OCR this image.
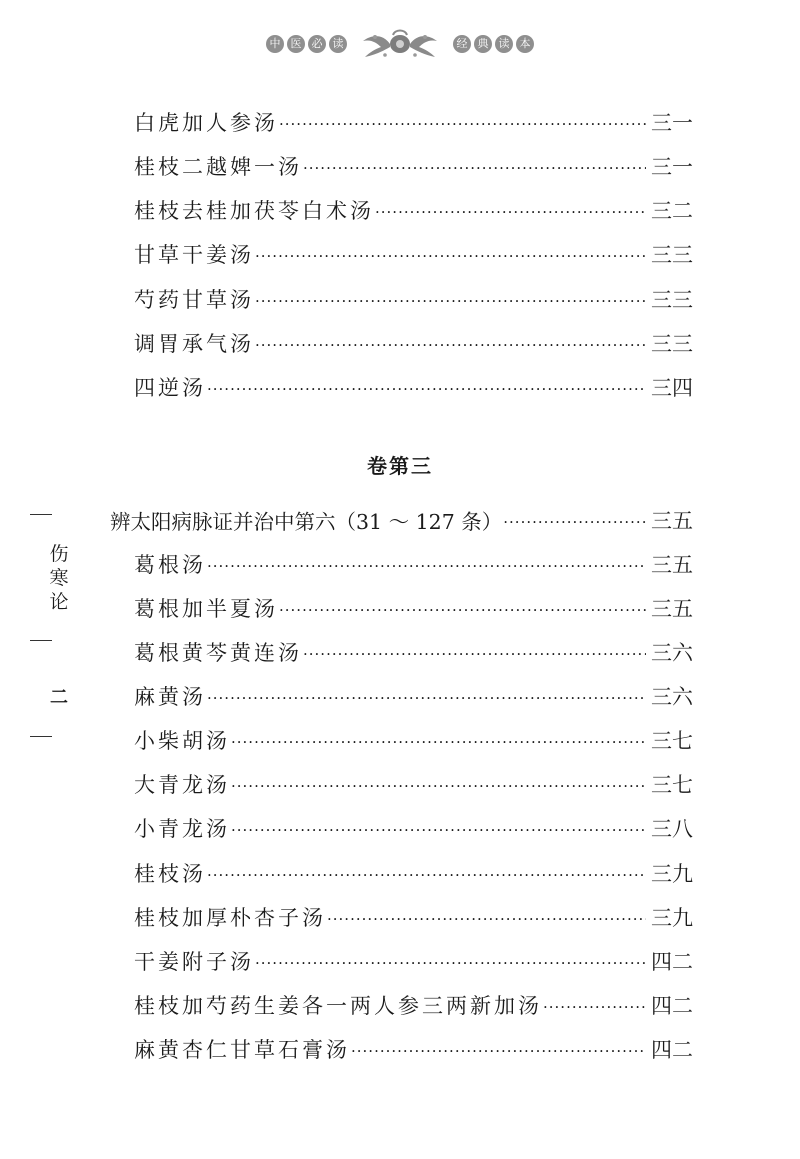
中 医 必 读	经 典 读 本
白虎加人参汤 ·····	三一
桂枝二越婢一汤 ·····	三一
桂枝去桂加茯苓白术汤 ·····	三二
甘草干姜汤 ·····	三三
芍药甘草汤 ·····	三三
调胃承气汤 ·····	三三
四逆汤 ·····	三四
卷第三
辨太阳病脉证并治中第六（31 ～ 127 条） ·····	三五
葛根汤 ·····	三五
葛根加半夏汤 ·····	三五
葛根黄芩黄连汤 ·····	三六
麻黄汤 ·····	三六
小柴胡汤 ·····	三七
大青龙汤 ·····	三七
小青龙汤 ·····	三八
桂枝汤 ·····	三九
桂枝加厚朴杏子汤 ·····	三九
干姜附子汤 ·····	四二
桂枝加芍药生姜各一两人参三两新加汤 ·····	四二
麻黄杏仁甘草石膏汤 ·····	四二
伤
寒
论
二
